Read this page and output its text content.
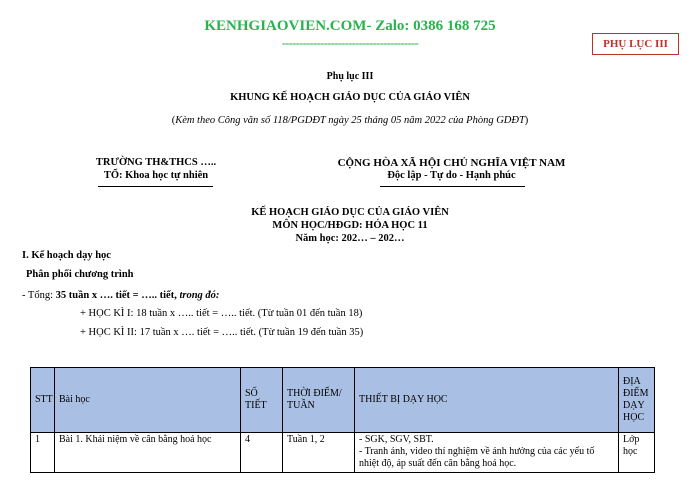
KENHGIAOVIEN.COM- Zalo: 0386 168 725
---------------------------------------	PHỤ LỤC III
Phụ lục III
KHUNG KẾ HOẠCH GIÁO DỤC CỦA GIÁO VIÊN
(Kèm theo Công văn số 118/PGDĐT ngày 25 tháng 05 năm 2022 của Phòng GDĐT)
TRƯỜNG TH&THCS …..
TỔ: Khoa học tự nhiên
CỘNG HÒA XÃ HỘI CHỦ NGHĨA VIỆT NAM
Độc lập - Tự do - Hạnh phúc
KẾ HOẠCH GIÁO DỤC CỦA GIÁO VIÊN
MÔN HỌC/HĐGD: HÓA HỌC 11
Năm học: 202… – 202…
I. Kế hoạch dạy học
Phân phối chương trình
- Tổng: 35 tuần x …. tiết = ….. tiết, trong đó:
+ HỌC KÌ I: 18 tuần x ….. tiết = ….. tiết. (Từ tuần 01 đến tuần 18)
+ HỌC KÌ II: 17 tuần x …. tiết = ….. tiết. (Từ tuần 19 đến tuần 35)
STT	Bài học	SỐ TIẾT	THỜI ĐIỂM/ TUẦN	THIẾT BỊ DẠY HỌC	ĐỊA ĐIỂM DẠY HỌC
1	Bài 1. Khái niệm về cân bằng hoá học	4	Tuần 1, 2	- SGK, SGV, SBT.
- Tranh ảnh, video thí nghiệm về ảnh hưởng của các yếu tố nhiệt độ, áp suất đến cân bằng hoá học.	Lớp học
